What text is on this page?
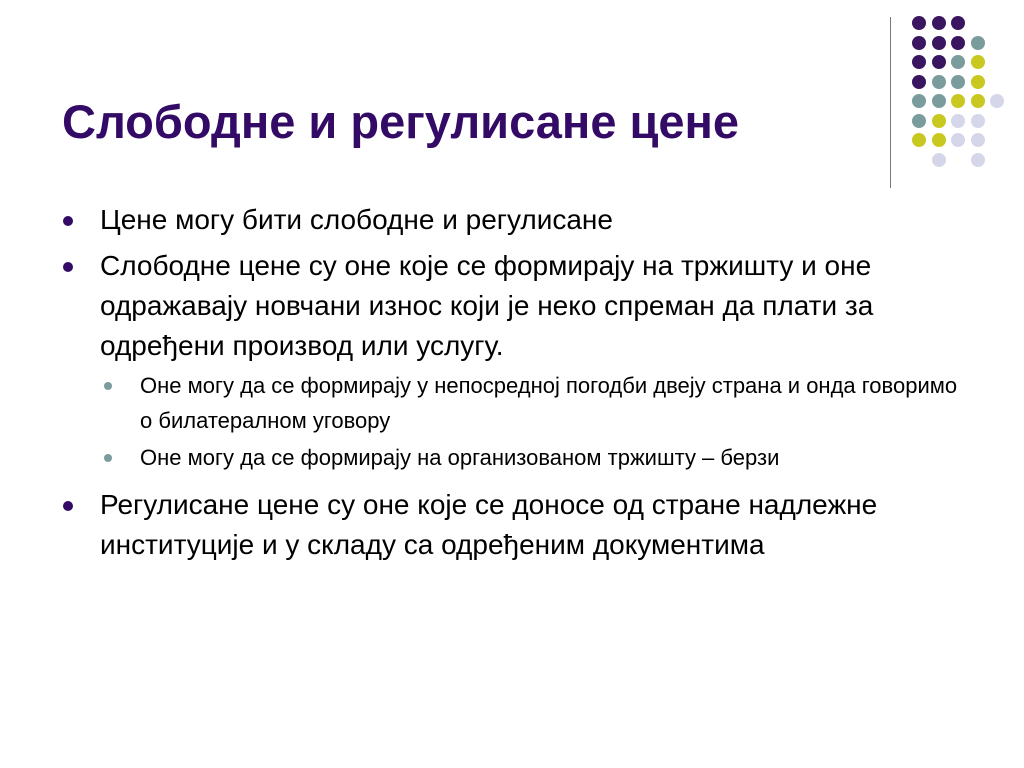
Слободне и регулисане цене
Цене могу бити слободне и регулисане
Слободне цене су оне које се формирају на тржишту и оне одражавају новчани износ који је неко спреман да плати за одређени производ или услугу.
Оне могу да се формирају у непосредној погодби двеју страна и онда говоримо о билатералном уговору
Оне могу да се формирају на организованом тржишту – берзи
Регулисане цене су оне које се доносе од стране надлежне институције и у складу са одређеним документима
